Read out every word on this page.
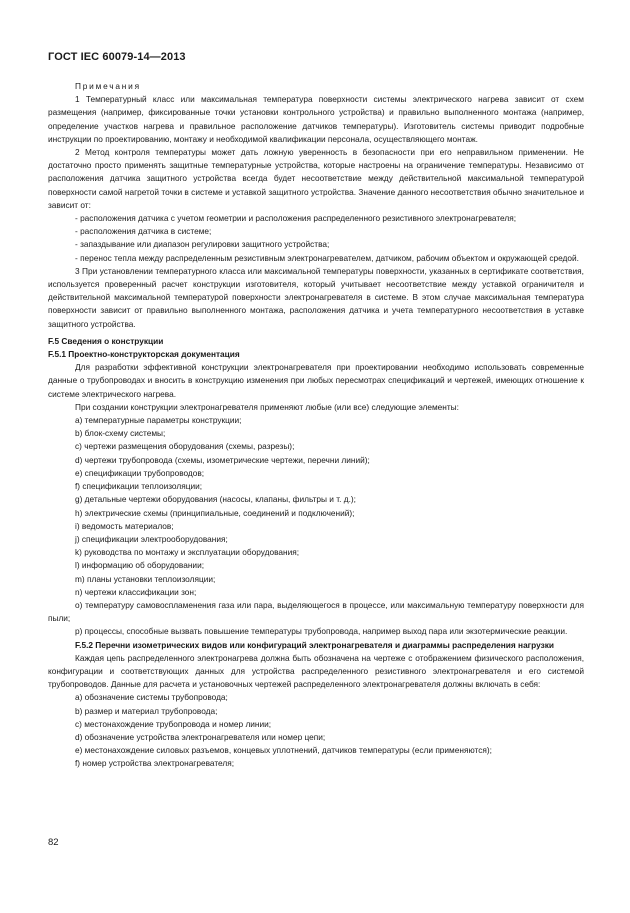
ГОСТ IEC 60079-14—2013

Примечания

1 Температурный класс или максимальная температура поверхности системы электрического нагрева зависит от схем размещения (например, фиксированные точки установки контрольного устройства) и правильно выполненного монтажа (например, определение участков нагрева и правильное расположение датчиков температуры). Изготовитель системы приводит подробные инструкции по проектированию, монтажу и необходимой квалификации персонала, осуществляющего монтаж.

2 Метод контроля температуры может дать ложную уверенность в безопасности при его неправильном применении. Не достаточно просто применять защитные температурные устройства, которые настроены на ограничение температуры. Независимо от расположения датчика защитного устройства всегда будет несоответствие между действительной максимальной температурой поверхности самой нагретой точки в системе и уставкой защитного устройства. Значение данного несоответствия обычно значительное и зависит от:

- расположения датчика с учетом геометрии и расположения распределенного резистивного электронагревателя;

- расположения датчика в системе;

- запаздывание или диапазон регулировки защитного устройства;

- перенос тепла между распределенным резистивным электронагревателем, датчиком, рабочим объектом и окружающей средой.

3 При установлении температурного класса или максимальной температуры поверхности, указанных в сертификате соответствия, используется проверенный расчет конструкции изготовителя, который учитывает несоответствие между уставкой ограничителя и действительной максимальной температурой поверхности электронагревателя в системе. В этом случае максимальная температура поверхности зависит от правильно выполненного монтажа, расположения датчика и учета температурного несоответствия в уставке защитного устройства.

F.5 Сведения о конструкции

F.5.1 Проектно-конструкторская документация

Для разработки эффективной конструкции электронагревателя при проектировании необходимо использовать современные данные о трубопроводах и вносить в конструкцию изменения при любых пересмотрах спецификаций и чертежей, имеющих отношение к системе электрического нагрева.

При создании конструкции электронагревателя применяют любые (или все) следующие элементы:

a) температурные параметры конструкции;

b) блок-схему системы;

c) чертежи размещения оборудования (схемы, разрезы);

d) чертежи трубопровода (схемы, изометрические чертежи, перечни линий);

e) спецификации трубопроводов;

f) спецификации теплоизоляции;

g) детальные чертежи оборудования (насосы, клапаны, фильтры и т. д.);

h) электрические схемы (принципиальные, соединений и подключений);

i) ведомость материалов;

j) спецификации электрооборудования;

k) руководства по монтажу и эксплуатации оборудования;

l) информацию об оборудовании;

m) планы установки теплоизоляции;

n) чертежи классификации зон;

o) температуру самовоспламенения газа или пара, выделяющегося в процессе, или максимальную температуру поверхности для пыли;

p) процессы, способные вызвать повышение температуры трубопровода, например выход пара или экзотермические реакции.

F.5.2 Перечни изометрических видов или конфигураций электронагревателя и диаграммы распределения нагрузки

Каждая цепь распределенного электронагрева должна быть обозначена на чертеже с отображением физического расположения, конфигурации и соответствующих данных для устройства распределенного резистивного электронагревателя и его системой трубопроводов. Данные для расчета и установочных чертежей распределенного электронагревателя должны включать в себя:

a) обозначение системы трубопровода;

b) размер и материал трубопровода;

c) местонахождение трубопровода и номер линии;

d) обозначение устройства электронагревателя или номер цепи;

e) местонахождение силовых разъемов, концевых уплотнений, датчиков температуры (если применяются);

f) номер устройства электронагревателя;

82
